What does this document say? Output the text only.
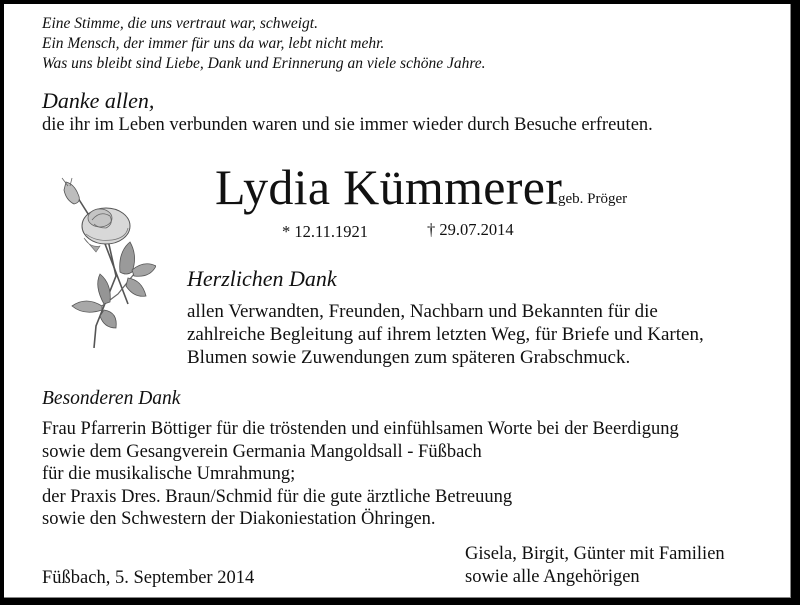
Eine Stimme, die uns vertraut war, schweigt.
Ein Mensch, der immer für uns da war, lebt nicht mehr.
Was uns bleibt sind Liebe, Dank und Erinnerung an viele schöne Jahre.
Danke allen,
die ihr im Leben verbunden waren und sie immer wieder durch Besuche erfreuten.
Lydia Kümmerer
geb. Pröger
* 12.11.1921	† 29.07.2014
Herzlichen Dank
allen Verwandten, Freunden, Nachbarn und Bekannten für die
zahlreiche Begleitung auf ihrem letzten Weg, für Briefe und Karten,
Blumen sowie Zuwendungen zum späteren Grabschmuck.
Besonderen Dank
Frau Pfarrerin Böttiger für die tröstenden und einfühlsamen Worte bei der Beerdigung
sowie dem Gesangverein Germania Mangoldsall - Füßbach
für die musikalische Umrahmung;
der Praxis Dres. Braun/Schmid für die gute ärztliche Betreuung
sowie den Schwestern der Diakoniestation Öhringen.
Füßbach, 5. September 2014
Gisela, Birgit, Günter mit Familien
sowie alle Angehörigen
